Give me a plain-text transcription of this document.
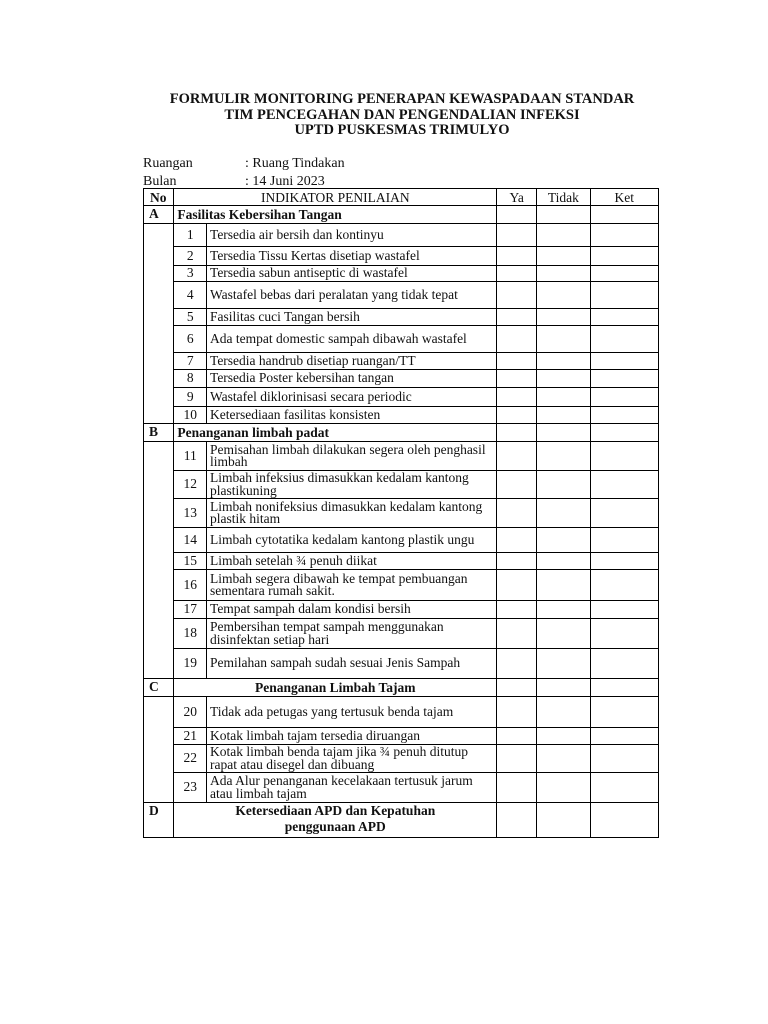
FORMULIR MONITORING PENERAPAN KEWASPADAAN STANDAR
TIM PENCEGAHAN DAN PENGENDALIAN INFEKSI
UPTD PUSKESMAS TRIMULYO
Ruangan	: Ruang Tindakan
Bulan	: 14 Juni 2023
No	INDIKATOR PENILAIAN		Ya	Tidak	Ket
A	Fasilitas Kebersihan Tangan				
	1	Tersedia air bersih dan kontinyu			
	2	Tersedia Tissu Kertas disetiap wastafel			
	3	Tersedia sabun antiseptic di wastafel			
	4	Wastafel bebas dari peralatan yang tidak tepat			
	5	Fasilitas cuci Tangan bersih			
	6	Ada tempat domestic sampah dibawah wastafel			
	7	Tersedia handrub disetiap ruangan/TT			
	8	Tersedia Poster kebersihan tangan			
	9	Wastafel diklorinisasi secara periodic			
	10	Ketersediaan fasilitas konsisten			
B	Penanganan limbah padat				
	11	Pemisahan limbah dilakukan segera oleh penghasil limbah			
	12	Limbah infeksius dimasukkan kedalam kantong plastikuning			
	13	Limbah nonifeksius dimasukkan kedalam kantong plastik hitam			
	14	Limbah cytotatika kedalam kantong plastik ungu			
	15	Limbah setelah ¾ penuh diikat			
	16	Limbah segera dibawah ke tempat pembuangan sementara rumah sakit.			
	17	Tempat sampah dalam kondisi bersih			
	18	Pembersihan tempat sampah menggunakan disinfektan setiap hari			
	19	Pemilahan sampah sudah sesuai Jenis Sampah			
C	Penanganan Limbah Tajam				
	20	Tidak ada petugas yang tertusuk benda tajam			
	21	Kotak limbah tajam tersedia diruangan			
	22	Kotak limbah benda tajam jika ¾ penuh ditutup rapat atau disegel dan dibuang			
	23	Ada Alur penanganan kecelakaan tertusuk jarum atau limbah tajam			
D	Ketersediaan APD dan Kepatuhan
penggunaan APD				
